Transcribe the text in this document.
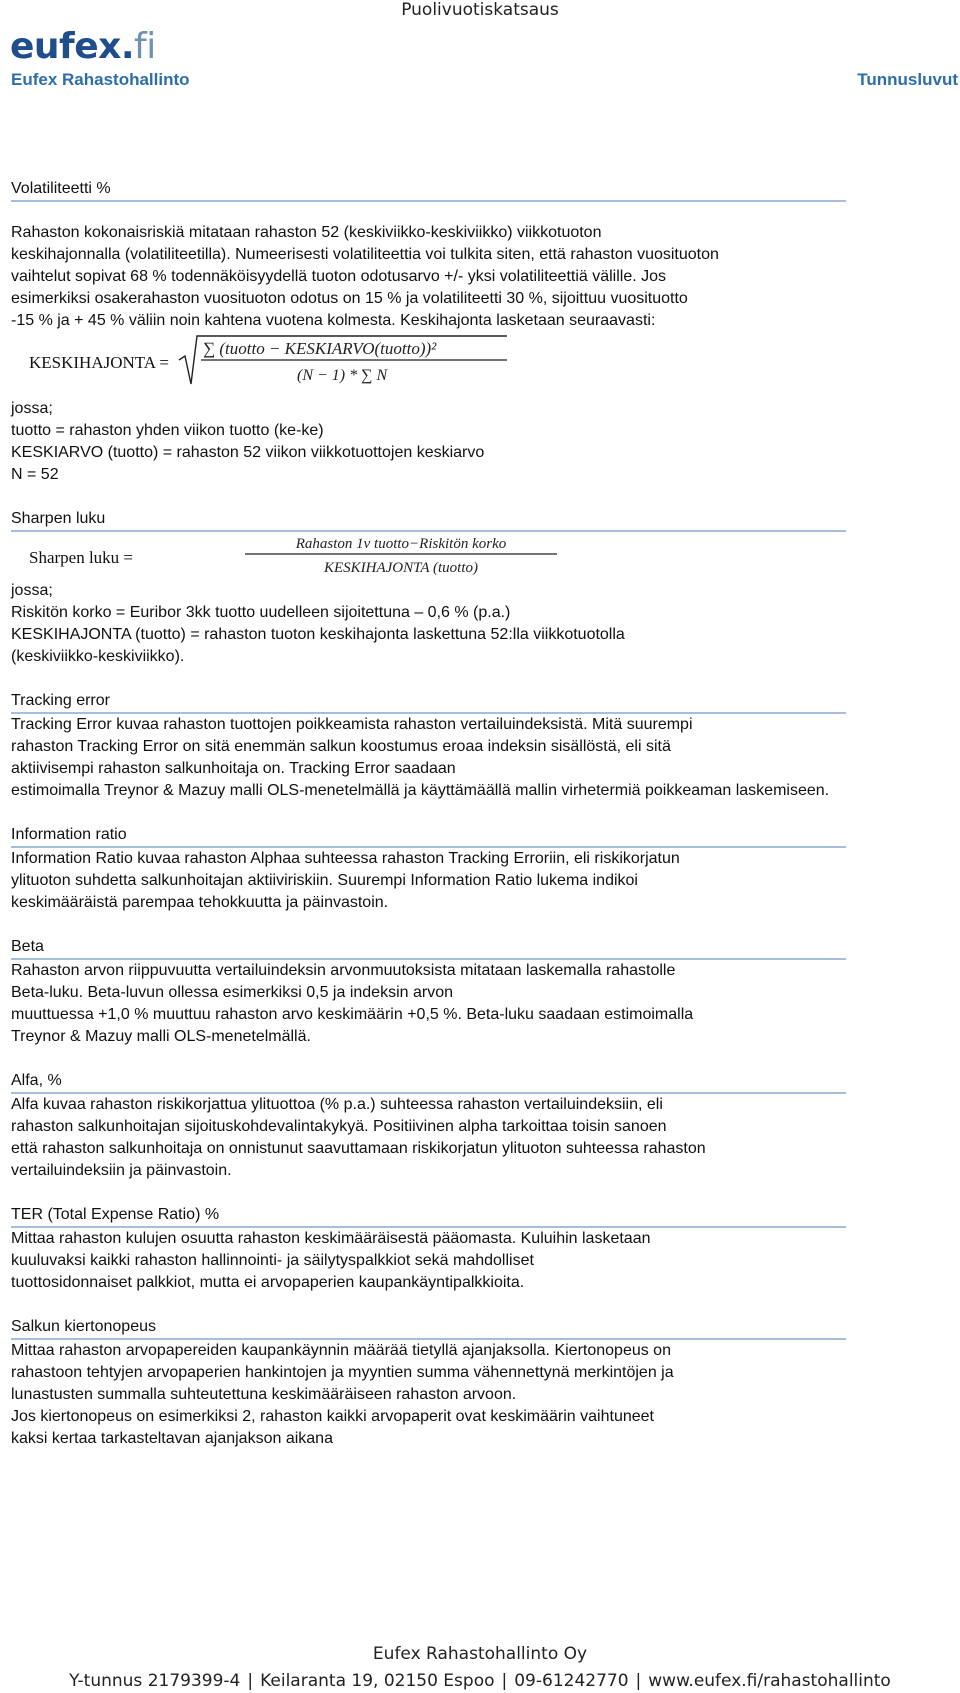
Puolivuotiskatsaus
eufex.fi
Eufex Rahastohallinto	Tunnusluvut
Volatiliteetti %

Rahaston kokonaisriskiä mitataan rahaston 52 (keskiviikko-keskiviikko) viikkotuoton

keskihajonnalla (volatiliteetilla). Numeerisesti volatiliteettia voi tulkita siten, että rahaston vuosituoton

vaihtelut sopivat 68 % todennäköisyydellä tuoton odotusarvo +/- yksi volatiliteettiä välille. Jos

esimerkiksi osakerahaston vuosituoton odotus on 15 % ja volatiliteetti 30 %, sijoittuu vuosituotto

-15 % ja + 45 % väliin noin kahtena vuotena kolmesta. Keskihajonta lasketaan seuraavasti:

KESKIHAJONTA =
∑ (tuotto − KESKIARVO(tuotto))²
(N − 1) * ∑ N

jossa;

tuotto = rahaston yhden viikon tuotto (ke-ke)

KESKIARVO (tuotto) = rahaston 52 viikon viikkotuottojen keskiarvo

N = 52

Sharpen luku
Sharpen luku =
Rahaston 1v tuotto−Riskitön korko
KESKIHAJONTA (tuotto)

jossa;

Riskitön korko = Euribor 3kk tuotto uudelleen sijoitettuna – 0,6 % (p.a.)

KESKIHAJONTA (tuotto) = rahaston tuoton keskihajonta laskettuna 52:lla viikkotuotolla

(keskiviikko-keskiviikko).

Tracking error

Tracking Error kuvaa rahaston tuottojen poikkeamista rahaston vertailuindeksistä. Mitä suurempi

rahaston Tracking Error on sitä enemmän salkun koostumus eroaa indeksin sisällöstä, eli sitä

aktiivisempi rahaston salkunhoitaja on. Tracking Error saadaan

estimoimalla Treynor & Mazuy malli OLS-menetelmällä ja käyttämäällä mallin virhetermiä poikkeaman laskemiseen.

Information ratio

Information Ratio kuvaa rahaston Alphaa suhteessa rahaston Tracking Erroriin, eli riskikorjatun

ylituoton suhdetta salkunhoitajan aktiiviriskiin. Suurempi Information Ratio lukema indikoi

keskimääräistä parempaa tehokkuutta ja päinvastoin.

Beta

Rahaston arvon riippuvuutta vertailuindeksin arvonmuutoksista mitataan laskemalla rahastolle

Beta-luku. Beta-luvun ollessa esimerkiksi 0,5 ja indeksin arvon

muuttuessa +1,0 % muuttuu rahaston arvo keskimäärin +0,5 %. Beta-luku saadaan estimoimalla

Treynor & Mazuy malli OLS-menetelmällä.

Alfa, %

Alfa kuvaa rahaston riskikorjattua ylituottoa (% p.a.) suhteessa rahaston vertailuindeksiin, eli

rahaston salkunhoitajan sijoituskohdevalintakykyä. Positiivinen alpha tarkoittaa toisin sanoen

että rahaston salkunhoitaja on onnistunut saavuttamaan riskikorjatun ylituoton suhteessa rahaston

vertailuindeksiin ja päinvastoin.

TER (Total Expense Ratio) %

Mittaa rahaston kulujen osuutta rahaston keskimääräisestä pääomasta. Kuluihin lasketaan

kuuluvaksi kaikki rahaston hallinnointi- ja säilytyspalkkiot sekä mahdolliset

tuottosidonnaiset palkkiot, mutta ei arvopaperien kaupankäyntipalkkioita.

Salkun kiertonopeus

Mittaa rahaston arvopapereiden kaupankäynnin määrää tietyllä ajanjaksolla. Kiertonopeus on

rahastoon tehtyjen arvopaperien hankintojen ja myyntien summa vähennettynä merkintöjen ja

lunastusten summalla suhteutettuna keskimääräiseen rahaston arvoon.

Jos kiertonopeus on esimerkiksi 2, rahaston kaikki arvopaperit ovat keskimäärin vaihtuneet

kaksi kertaa tarkasteltavan ajanjakson aikana

Eufex Rahastohallinto Oy
Y-tunnus 2179399-4 | Keilaranta 19, 02150 Espoo | 09-61242770 | www.eufex.fi/rahastohallinto
